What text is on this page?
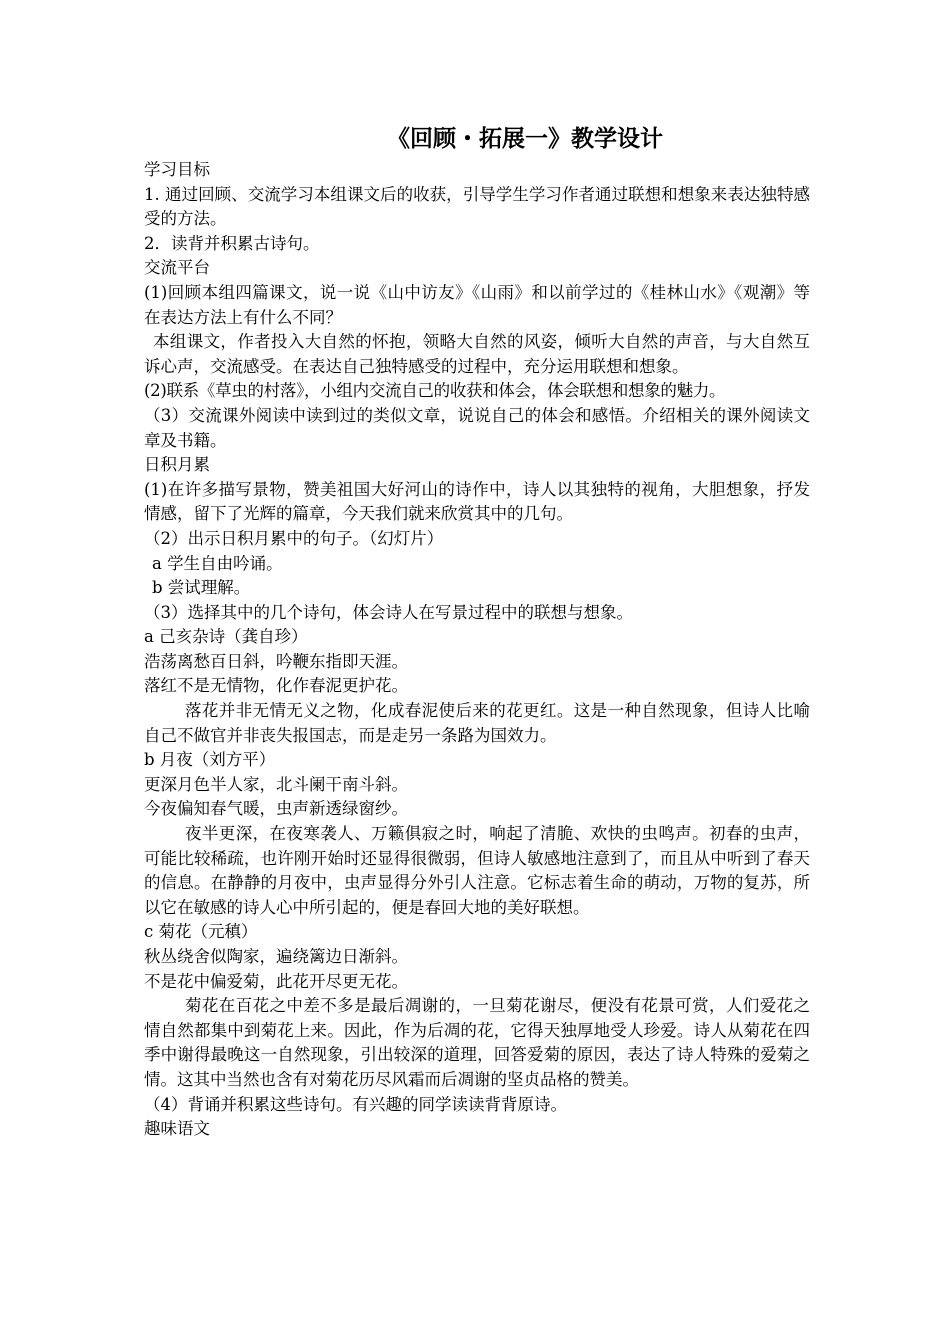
《回顾・拓展一》教学设计

学习目标

1. 通过回顾、交流学习本组课文后的收获，引导学生学习作者通过联想和想象来表达独特感受的方法。

2．读背并积累古诗句。

交流平台

(1)回顾本组四篇课文，说一说《山中访友》《山雨》和以前学过的《桂林山水》《观潮》等在表达方法上有什么不同？

本组课文，作者投入大自然的怀抱，领略大自然的风姿，倾听大自然的声音，与大自然互诉心声，交流感受。在表达自己独特感受的过程中，充分运用联想和想象。

(2)联系《草虫的村落》，小组内交流自己的收获和体会，体会联想和想象的魅力。

（3）交流课外阅读中读到过的类似文章，说说自己的体会和感悟。介绍相关的课外阅读文章及书籍。

日积月累

(1)在许多描写景物，赞美祖国大好河山的诗作中，诗人以其独特的视角，大胆想象，抒发情感，留下了光辉的篇章，今天我们就来欣赏其中的几句。

（2）出示日积月累中的句子。（幻灯片）

a 学生自由吟诵。

b 尝试理解。

（3）选择其中的几个诗句，体会诗人在写景过程中的联想与想象。

a 己亥杂诗（龚自珍）

浩荡离愁百日斜，吟鞭东指即天涯。

落红不是无情物，化作春泥更护花。

落花并非无情无义之物，化成春泥使后来的花更红。这是一种自然现象，但诗人比喻自己不做官并非丧失报国志，而是走另一条路为国效力。

b 月夜（刘方平）

更深月色半人家，北斗阑干南斗斜。

今夜偏知春气暖，虫声新透绿窗纱。

夜半更深，在夜寒袭人、万籁俱寂之时，响起了清脆、欢快的虫鸣声。初春的虫声，可能比较稀疏，也许刚开始时还显得很微弱，但诗人敏感地注意到了，而且从中听到了春天的信息。在静静的月夜中，虫声显得分外引人注意。它标志着生命的萌动，万物的复苏，所以它在敏感的诗人心中所引起的，便是春回大地的美好联想。

c 菊花（元稹）

秋丛绕舍似陶家，遍绕篱边日渐斜。

不是花中偏爱菊，此花开尽更无花。

菊花在百花之中差不多是最后凋谢的，一旦菊花谢尽，便没有花景可赏，人们爱花之情自然都集中到菊花上来。因此，作为后凋的花，它得天独厚地受人珍爱。诗人从菊花在四季中谢得最晚这一自然现象，引出较深的道理，回答爱菊的原因，表达了诗人特殊的爱菊之情。这其中当然也含有对菊花历尽风霜而后凋谢的坚贞品格的赞美。

（4）背诵并积累这些诗句。有兴趣的同学读读背背原诗。

趣味语文
